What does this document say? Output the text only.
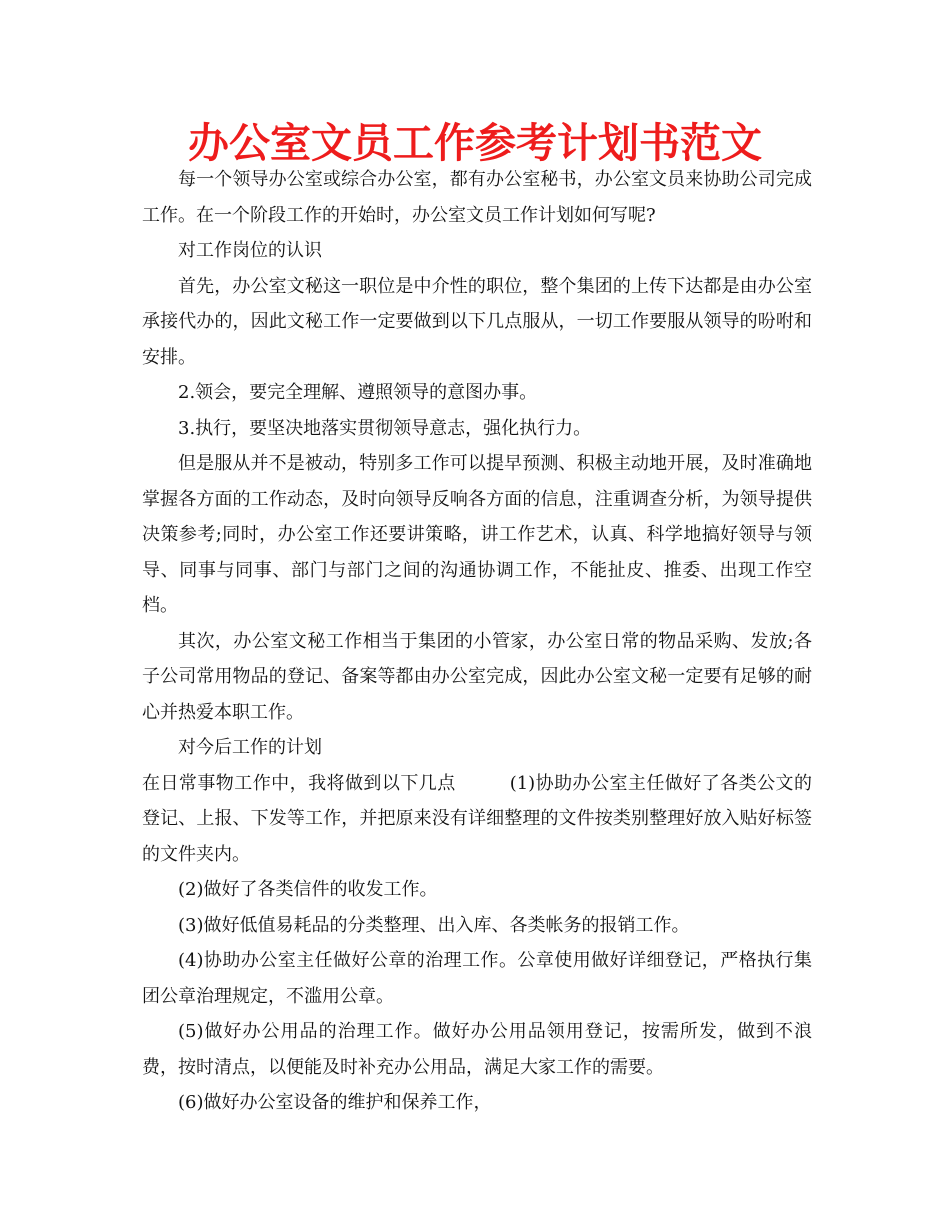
办公室文员工作参考计划书范文

每一个领导办公室或综合办公室，都有办公室秘书，办公室文员来协助公司完成工作。在一个阶段工作的开始时，办公室文员工作计划如何写呢?

对工作岗位的认识

首先，办公室文秘这一职位是中介性的职位，整个集团的上传下达都是由办公室承接代办的，因此文秘工作一定要做到以下几点服从，一切工作要服从领导的吩咐和安排。

2.领会，要完全理解、遵照领导的意图办事。

3.执行，要坚决地落实贯彻领导意志，强化执行力。

但是服从并不是被动，特别多工作可以提早预测、积极主动地开展，及时准确地掌握各方面的工作动态，及时向领导反响各方面的信息，注重调查分析，为领导提供决策参考;同时，办公室工作还要讲策略，讲工作艺术，认真、科学地搞好领导与领导、同事与同事、部门与部门之间的沟通协调工作，不能扯皮、推委、出现工作空档。

其次，办公室文秘工作相当于集团的小管家，办公室日常的物品采购、发放;各子公司常用物品的登记、备案等都由办公室完成，因此办公室文秘一定要有足够的耐心并热爱本职工作。

对今后工作的计划

在日常事物工作中，我将做到以下几点	(1)协助办公室主任做好了各类公文的登记、上报、下发等工作，并把原来没有详细整理的文件按类别整理好放入贴好标签的文件夹内。

(2)做好了各类信件的收发工作。

(3)做好低值易耗品的分类整理、出入库、各类帐务的报销工作。

(4)协助办公室主任做好公章的治理工作。公章使用做好详细登记，严格执行集团公章治理规定，不滥用公章。

(5)做好办公用品的治理工作。做好办公用品领用登记，按需所发，做到不浪费，按时清点，以便能及时补充办公用品，满足大家工作的需要。

(6)做好办公室设备的维护和保养工作，
